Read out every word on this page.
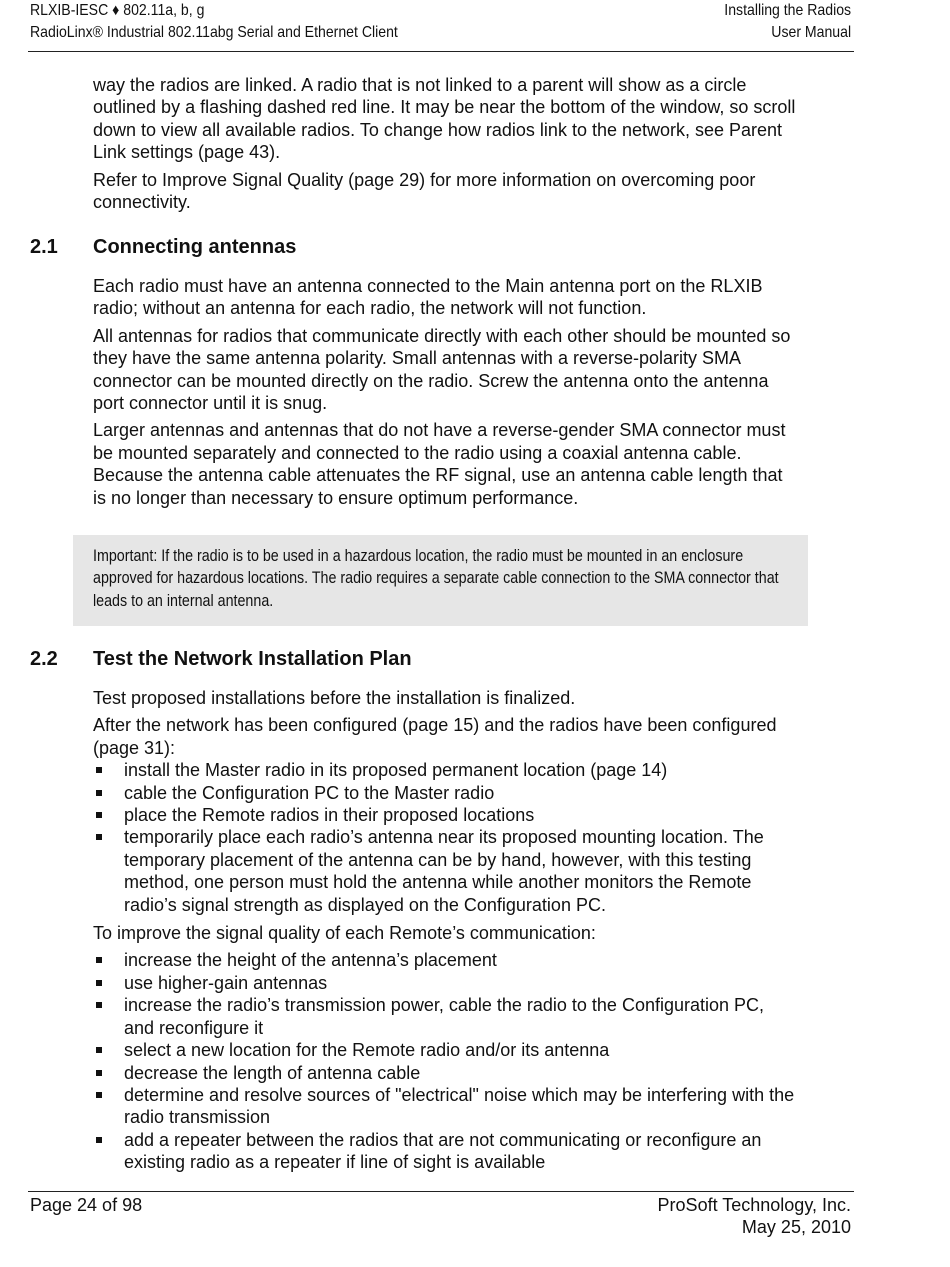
RLXIB-IESC ♦ 802.11a, b, g
RadioLinx® Industrial 802.11abg Serial and Ethernet Client
Installing the Radios
User Manual

way the radios are linked. A radio that is not linked to a parent will show as a circle outlined by a flashing dashed red line. It may be near the bottom of the window, so scroll down to view all available radios. To change how radios link to the network, see Parent Link settings (page 43).

Refer to Improve Signal Quality (page 29) for more information on overcoming poor connectivity.

2.1 Connecting antennas

Each radio must have an antenna connected to the Main antenna port on the RLXIB radio; without an antenna for each radio, the network will not function.

All antennas for radios that communicate directly with each other should be mounted so they have the same antenna polarity. Small antennas with a reverse-polarity SMA connector can be mounted directly on the radio. Screw the antenna onto the antenna port connector until it is snug.

Larger antennas and antennas that do not have a reverse-gender SMA connector must be mounted separately and connected to the radio using a coaxial antenna cable. Because the antenna cable attenuates the RF signal, use an antenna cable length that is no longer than necessary to ensure optimum performance.

Important: If the radio is to be used in a hazardous location, the radio must be mounted in an enclosure approved for hazardous locations. The radio requires a separate cable connection to the SMA connector that leads to an internal antenna.
2.2 Test the Network Installation Plan

Test proposed installations before the installation is finalized.

After the network has been configured (page 15) and the radios have been configured (page 31):

install the Master radio in its proposed permanent location (page 14)
cable the Configuration PC to the Master radio
place the Remote radios in their proposed locations
temporarily place each radio’s antenna near its proposed mounting location. The temporary placement of the antenna can be by hand, however, with this testing method, one person must hold the antenna while another monitors the Remote radio’s signal strength as displayed on the Configuration PC.

To improve the signal quality of each Remote’s communication:

increase the height of the antenna’s placement
use higher-gain antennas
increase the radio’s transmission power, cable the radio to the Configuration PC, and reconfigure it
select a new location for the Remote radio and/or its antenna
decrease the length of antenna cable
determine and resolve sources of "electrical" noise which may be interfering with the radio transmission
add a repeater between the radios that are not communicating or reconfigure an existing radio as a repeater if line of sight is available
Page 24 of 98	ProSoft Technology, Inc.
May 25, 2010
